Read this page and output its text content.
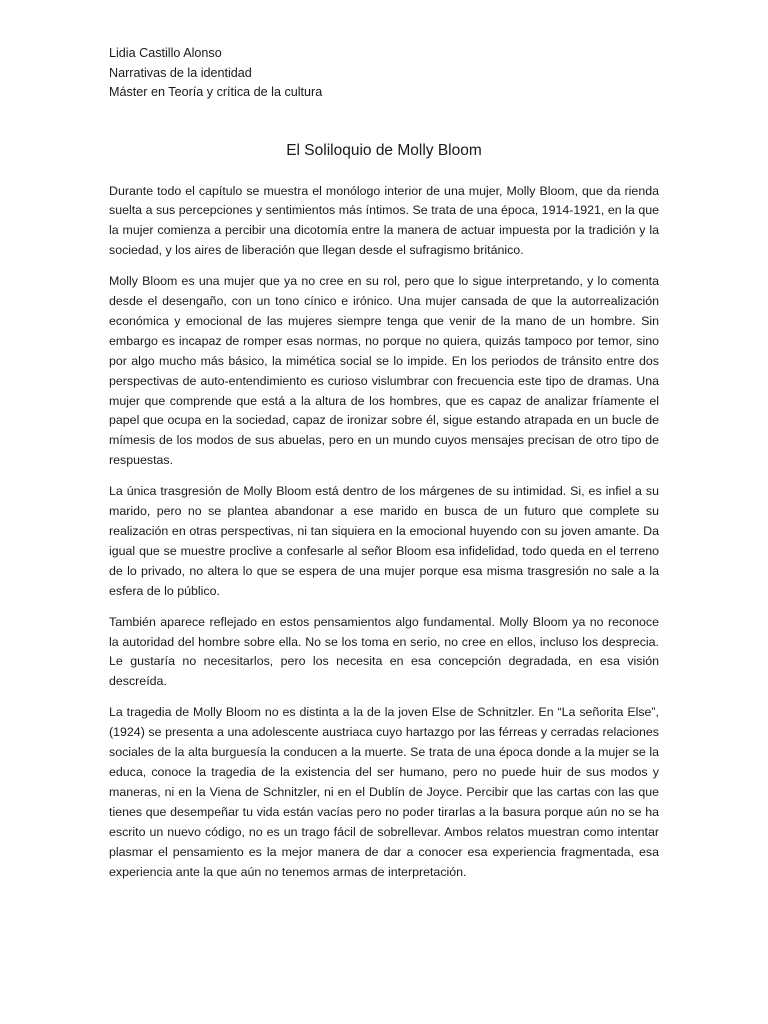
Lidia Castillo Alonso
Narrativas de la identidad
Máster en Teoría y crítica de la cultura
El Soliloquio de Molly Bloom

Durante todo el capítulo se muestra el monólogo interior de una mujer, Molly Bloom, que da rienda suelta a sus percepciones y sentimientos más íntimos. Se trata de una época, 1914-1921, en la que la mujer comienza a percibir una dicotomía entre la manera de actuar impuesta por la tradición y la sociedad, y los aires de liberación que llegan desde el sufragismo británico.

Molly Bloom es una mujer que ya no cree en su rol, pero que lo sigue interpretando, y lo comenta desde el desengaño, con un tono cínico e irónico. Una mujer cansada de que la autorrealización económica y emocional de las mujeres siempre tenga que venir de la mano de un hombre. Sin embargo es incapaz de romper esas normas, no porque no quiera, quizás tampoco por temor, sino por algo mucho más básico, la mimética social se lo impide. En los periodos de tránsito entre dos perspectivas de auto-entendimiento es curioso vislumbrar con frecuencia este tipo de dramas. Una mujer que comprende que está a la altura de los hombres, que es capaz de analizar fríamente el papel que ocupa en la sociedad, capaz de ironizar sobre él, sigue estando atrapada en un bucle de mímesis de los modos de sus abuelas, pero en un mundo cuyos mensajes precisan de otro tipo de respuestas.

La única trasgresión de Molly Bloom está dentro de los márgenes de su intimidad. Si, es infiel a su marido, pero no se plantea abandonar a ese marido en busca de un futuro que complete su realización en otras perspectivas, ni tan siquiera en la emocional huyendo con su joven amante. Da igual que se muestre proclive a confesarle al señor Bloom esa infidelidad, todo queda en el terreno de lo privado, no altera lo que se espera de una mujer porque esa misma trasgresión no sale a la esfera de lo público.

También aparece reflejado en estos pensamientos algo fundamental. Molly Bloom ya no reconoce la autoridad del hombre sobre ella. No se los toma en serio, no cree en ellos, incluso los desprecia. Le gustaría no necesitarlos, pero los necesita en esa concepción degradada, en esa visión descreída.

La tragedia de Molly Bloom no es distinta a la de la joven Else de Schnitzler. En “La señorita Else”, (1924) se presenta a una adolescente austriaca cuyo hartazgo por las férreas y cerradas relaciones sociales de la alta burguesía la conducen a la muerte. Se trata de una época donde a la mujer se la educa, conoce la tragedia de la existencia del ser humano, pero no puede huir de sus modos y maneras, ni en la Viena de Schnitzler, ni en el Dublín de Joyce. Percibir que las cartas con las que tienes que desempeñar tu vida están vacías pero no poder tirarlas a la basura porque aún no se ha escrito un nuevo código, no es un trago fácil de sobrellevar. Ambos relatos muestran como intentar plasmar el pensamiento es la mejor manera de dar a conocer esa experiencia fragmentada, esa experiencia ante la que aún no tenemos armas de interpretación.
